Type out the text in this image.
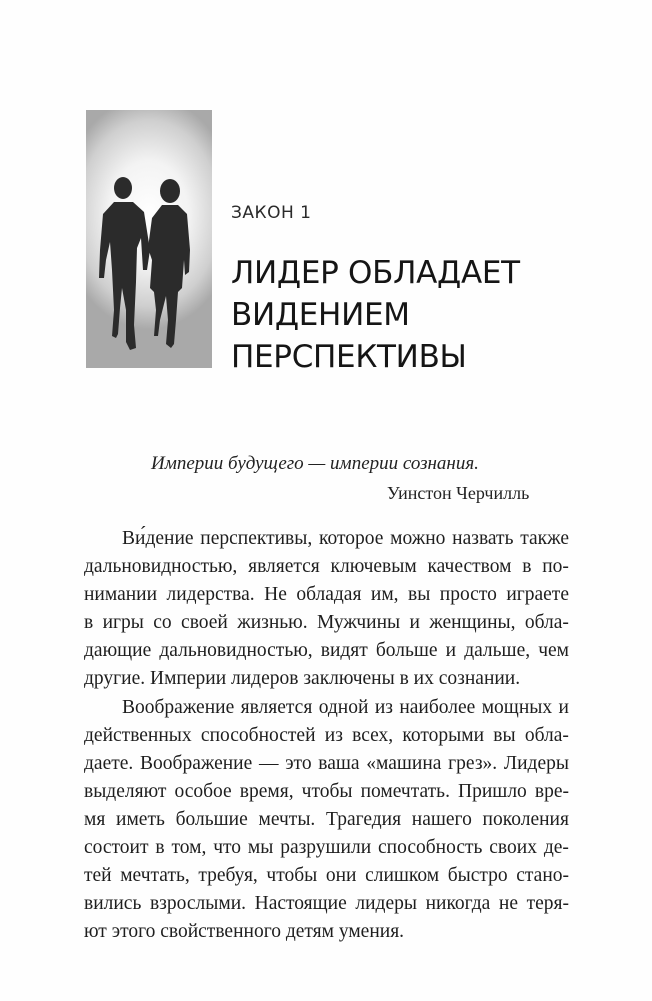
ЗАКОН 1
ЛИДЕР ОБЛАДАЕТ
ВИДЕНИЕМ
ПЕРСПЕКТИВЫ
Империи будущего — империи сознания.
Уинстон Черчилль
Ви́дение перспективы, которое можно назвать также
дальновидностью, является ключевым качеством в по-
нимании лидерства. Не обладая им, вы просто играете
в игры со своей жизнью. Мужчины и женщины, обла-
дающие дальновидностью, видят больше и дальше, чем
другие. Империи лидеров заключены в их сознании.
Воображение является одной из наиболее мощных и
действенных способностей из всех, которыми вы обла-
даете. Воображение — это ваша «машина грез». Лидеры
выделяют особое время, чтобы помечтать. Пришло вре-
мя иметь большие мечты. Трагедия нашего поколения
состоит в том, что мы разрушили способность своих де-
тей мечтать, требуя, чтобы они слишком быстро стано-
вились взрослыми. Настоящие лидеры никогда не теря-
ют этого свойственного детям умения.
